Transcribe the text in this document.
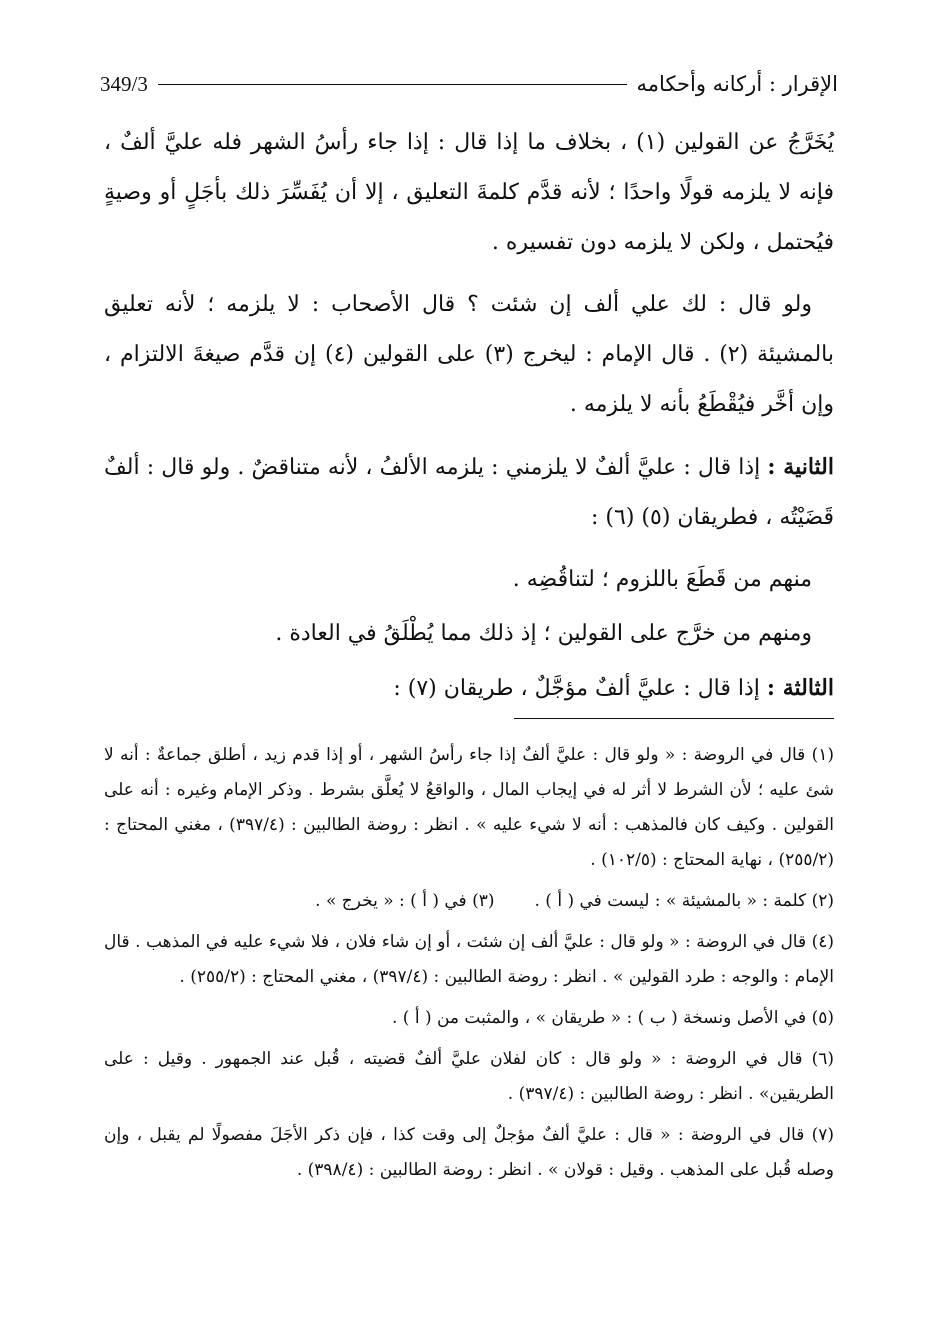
الإقرار : أركانه وأحكامه
349/3

يُخَرَّجُ عن القولين (١) ، بخلاف ما إذا قال : إذا جاء رأسُ الشهر فله عليَّ ألفٌ ، فإنه لا يلزمه قولًا واحدًا ؛ لأنه قدَّم كلمةَ التعليق ، إلا أن يُفَسِّرَ ذلك بأجَلٍ أو وصيةٍ فيُحتمل ، ولكن لا يلزمه دون تفسيره .

ولو قال : لك علي ألف إن شئت ؟ قال الأصحاب : لا يلزمه ؛ لأنه تعليق بالمشيئة (٢) . قال الإمام : ليخرج (٣) على القولين (٤) إن قدَّم صيغةَ الالتزام ، وإن أخَّر فيُقْطَعُ بأنه لا يلزمه .

الثانية : إذا قال : عليَّ ألفٌ لا يلزمني : يلزمه الألفُ ، لأنه متناقضٌ . ولو قال : ألفٌ قَضَيْتُه ، فطريقان (٥) (٦) :

منهم من قَطَعَ باللزوم ؛ لتناقُضِه .

ومنهم من خرَّج على القولين ؛ إذ ذلك مما يُطْلَقُ في العادة .

الثالثة : إذا قال : عليَّ ألفٌ مؤجَّلٌ ، طريقان (٧) :

(١) قال في الروضة : « ولو قال : عليَّ ألفٌ إذا جاء رأسُ الشهر ، أو إذا قدم زيد ، أطلق جماعةٌ : أنه لا شئ عليه ؛ لأن الشرط لا أثر له في إيجاب المال ، والواقعُ لا يُعلَّق بشرط . وذكر الإمام وغيره : أنه على القولين . وكيف كان فالمذهب : أنه لا شيء عليه » . انظر : روضة الطالبين : (٣٩٧/٤) ، مغني المحتاج : (٢٥٥/٢) ، نهاية المحتاج : (١٠٢/٥) .

(٢) كلمة : « بالمشيئة » : ليست في ( أ ) .
(٣) في ( أ ) : « يخرج » .

(٤) قال في الروضة : « ولو قال : عليَّ ألف إن شئت ، أو إن شاء فلان ، فلا شيء عليه في المذهب . قال الإمام : والوجه : طرد القولين » . انظر : روضة الطالبين : (٣٩٧/٤) ، مغني المحتاج : (٢٥٥/٢) .

(٥) في الأصل ونسخة ( ب ) : « طريقان » ، والمثبت من ( أ ) .

(٦) قال في الروضة : « ولو قال : كان لفلان عليَّ ألفٌ قضيته ، قُبل عند الجمهور . وقيل : على الطريقين» . انظر : روضة الطالبين : (٣٩٧/٤) .

(٧) قال في الروضة : « قال : عليَّ ألفٌ مؤجلٌ إلى وقت كذا ، فإن ذكر الأجَلَ مفصولًا لم يقبل ، وإن وصله قُبل على المذهب . وقيل : قولان » . انظر : روضة الطالبين : (٣٩٨/٤) .
